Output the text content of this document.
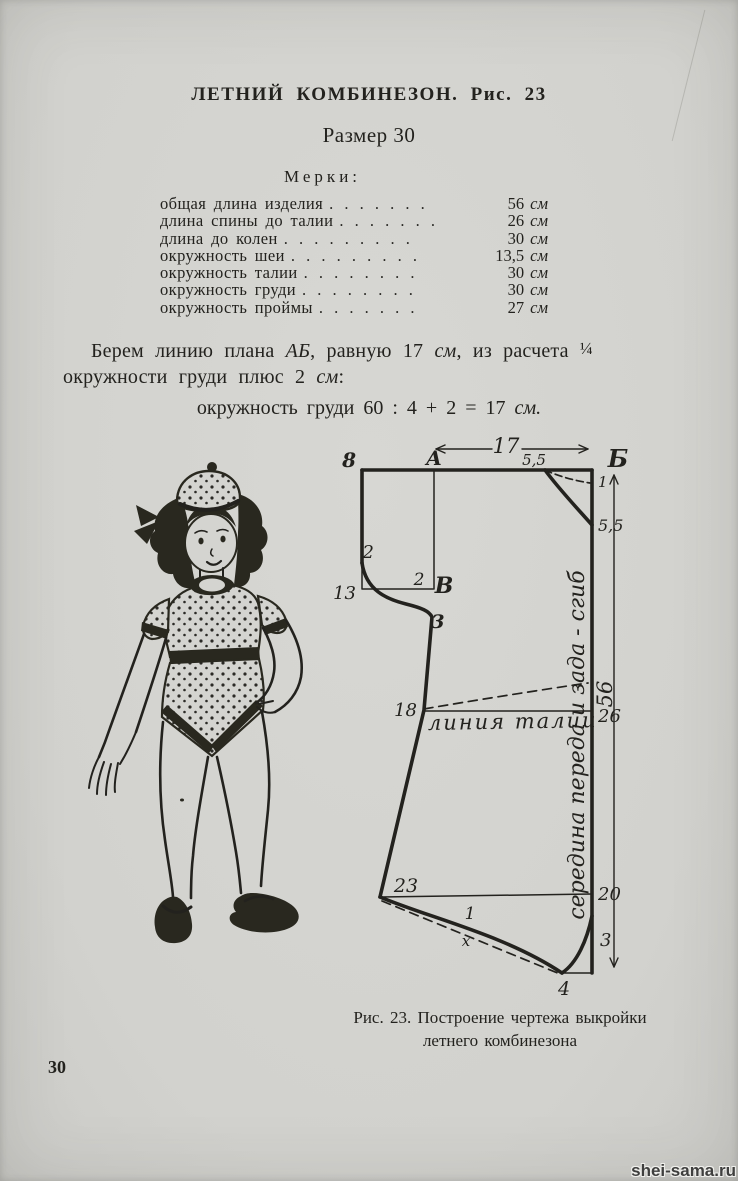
ЛЕТНИЙ КОМБИНЕЗОН. Рис. 23
Размер 30
Мерки:
общая длина изделия . . . . . . .	56 см
длина спины до талии . . . . . . .	26 см
длина до колен . . . . . . . . .	30 см
окружность шеи . . . . . . . . .	13,5 см
окружность талии . . . . . . . .	30 см
окружность груди . . . . . . . .	30 см
окружность проймы . . . . . . .	27 см
Берем линию плана АБ, равную 17 см, из расчета ¼
окружности груди плюс 2 см:
окружность груди 60 : 4 + 2 = 17 см.
8	А 17
5,5	Б
1
5,5
2
13
2 В
3
18 линия талии 26
56
середина переда и зада - сгиб
23	20
1
x	3
4
Рис. 23. Построение чертежа выкройки
летнего комбинезона
30
shei-sama.ru
